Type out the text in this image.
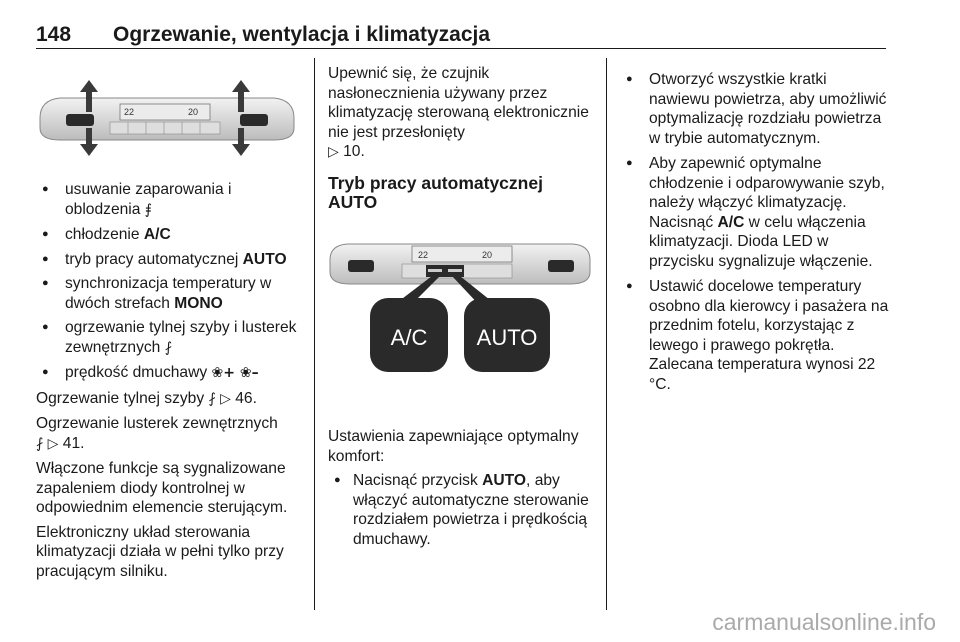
148 Ogrzewanie, wentylacja i klimatyzacja
22	20
● usuwanie zaparowania i oblodzenia ⨎
● chłodzenie A/C
● tryb pracy automatycznej AUTO
● synchronizacja temperatury w dwóch strefach MONO
● ogrzewanie tylnej szyby i lusterek zewnętrznych ⨏
● prędkość dmuchawy ❀+ ❀–

Ogrzewanie tylnej szyby ⨏ ▷ 46.

Ogrzewanie lusterek zewnętrznych
⨏ ▷ 41.

Włączone funkcje są sygnalizowane zapaleniem diody kontrolnej w odpowiednim elemencie sterującym.

Elektroniczny układ sterowania klimatyzacji działa w pełni tylko przy pracującym silniku.

Upewnić się, że czujnik nasłonecznienia używany przez klimatyzację sterowaną elektronicznie nie jest przesłonięty
▷ 10.

Tryb pracy automatycznej AUTO
22	20
A/C AUTO

Ustawienia zapewniające optymalny komfort:

● Nacisnąć przycisk AUTO, aby włączyć automatyczne sterowanie rozdziałem powietrza i prędkością dmuchawy.
● Otworzyć wszystkie kratki nawiewu powietrza, aby umożliwić optymalizację rozdziału powietrza w trybie automatycznym.
● Aby zapewnić optymalne chłodzenie i odparowywanie szyb, należy włączyć klimatyzację. Nacisnąć A/C w celu włączenia klimatyzacji. Dioda LED w przycisku sygnalizuje włączenie.
● Ustawić docelowe temperatury osobno dla kierowcy i pasażera na przednim fotelu, korzystając z lewego i prawego pokrętła. Zalecana temperatura wynosi 22 °C.
carmanualsonline.info
